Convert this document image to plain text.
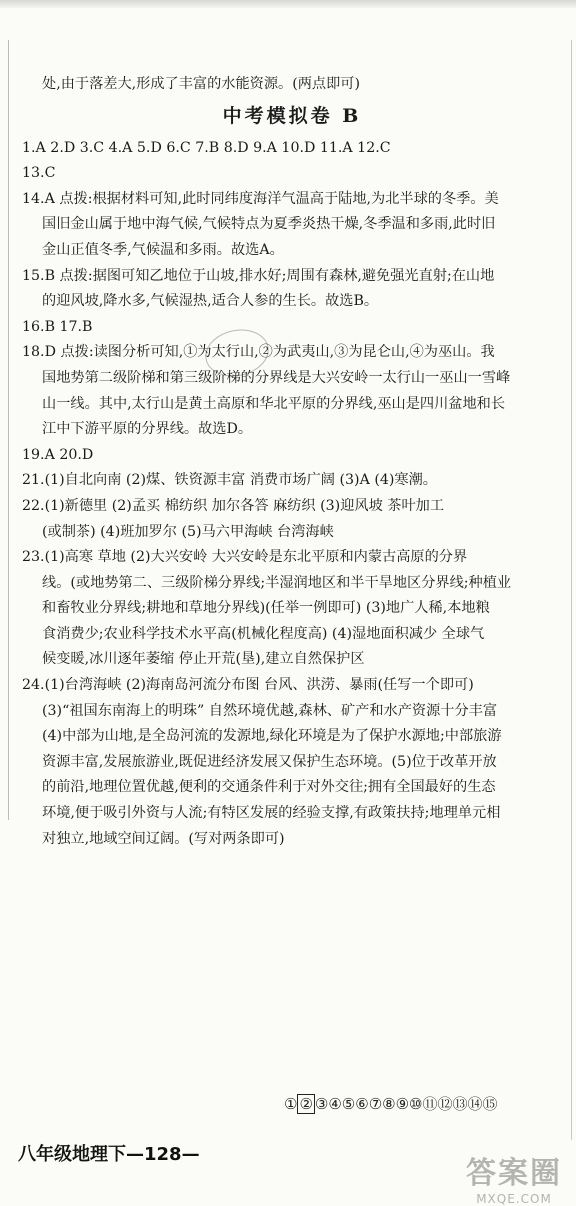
处,由于落差大,形成了丰富的水能资源。(两点即可)
中考模拟卷 B
1.A 2.D 3.C 4.A 5.D 6.C 7.B 8.D 9.A 10.D 11.A 12.C
13.C
14.A 点拨:根据材料可知,此时同纬度海洋气温高于陆地,为北半球的冬季。美
国旧金山属于地中海气候,气候特点为夏季炎热干燥,冬季温和多雨,此时旧
金山正值冬季,气候温和多雨。故选A。
15.B 点拨:据图可知乙地位于山坡,排水好;周围有森林,避免强光直射;在山地
的迎风坡,降水多,气候湿热,适合人参的生长。故选B。
16.B 17.B
18.D 点拨:读图分析可知,①为太行山,②为武夷山,③为昆仑山,④为巫山。我
国地势第二级阶梯和第三级阶梯的分界线是大兴安岭一太行山一巫山一雪峰
山一线。其中,太行山是黄土高原和华北平原的分界线,巫山是四川盆地和长
江中下游平原的分界线。故选D。
19.A 20.D
21.(1)自北向南 (2)煤、铁资源丰富 消费市场广阔 (3)A (4)寒潮。
22.(1)新德里 (2)孟买 棉纺织 加尔各答 麻纺织 (3)迎风坡 茶叶加工
(或制茶) (4)班加罗尔 (5)马六甲海峡 台湾海峡
23.(1)高寒 草地 (2)大兴安岭 大兴安岭是东北平原和内蒙古高原的分界
线。(或地势第二、三级阶梯分界线;半湿润地区和半干旱地区分界线;种植业
和畜牧业分界线;耕地和草地分界线)(任举一例即可) (3)地广人稀,本地粮
食消费少;农业科学技术水平高(机械化程度高) (4)湿地面积减少 全球气
候变暖,冰川逐年萎缩 停止开荒(垦),建立自然保护区
24.(1)台湾海峡 (2)海南岛河流分布图 台风、洪涝、暴雨(任写一个即可)
(3)“祖国东南海上的明珠” 自然环境优越,森林、矿产和水产资源十分丰富
(4)中部为山地,是全岛河流的发源地,绿化环境是为了保护水源地;中部旅游
资源丰富,发展旅游业,既促进经济发展又保护生态环境。(5)位于改革开放
的前沿,地理位置优越,便利的交通条件利于对外交往;拥有全国最好的生态
环境,便于吸引外资与人流;有特区发展的经验支撑,有政策扶持;地理单元相
对独立,地域空间辽阔。(写对两条即可)
① ② ③④⑤⑥⑦⑧⑨⑩⑪⑫⑬⑭⑮
八年级地理下—128—
答案圈
MXQE.COM
